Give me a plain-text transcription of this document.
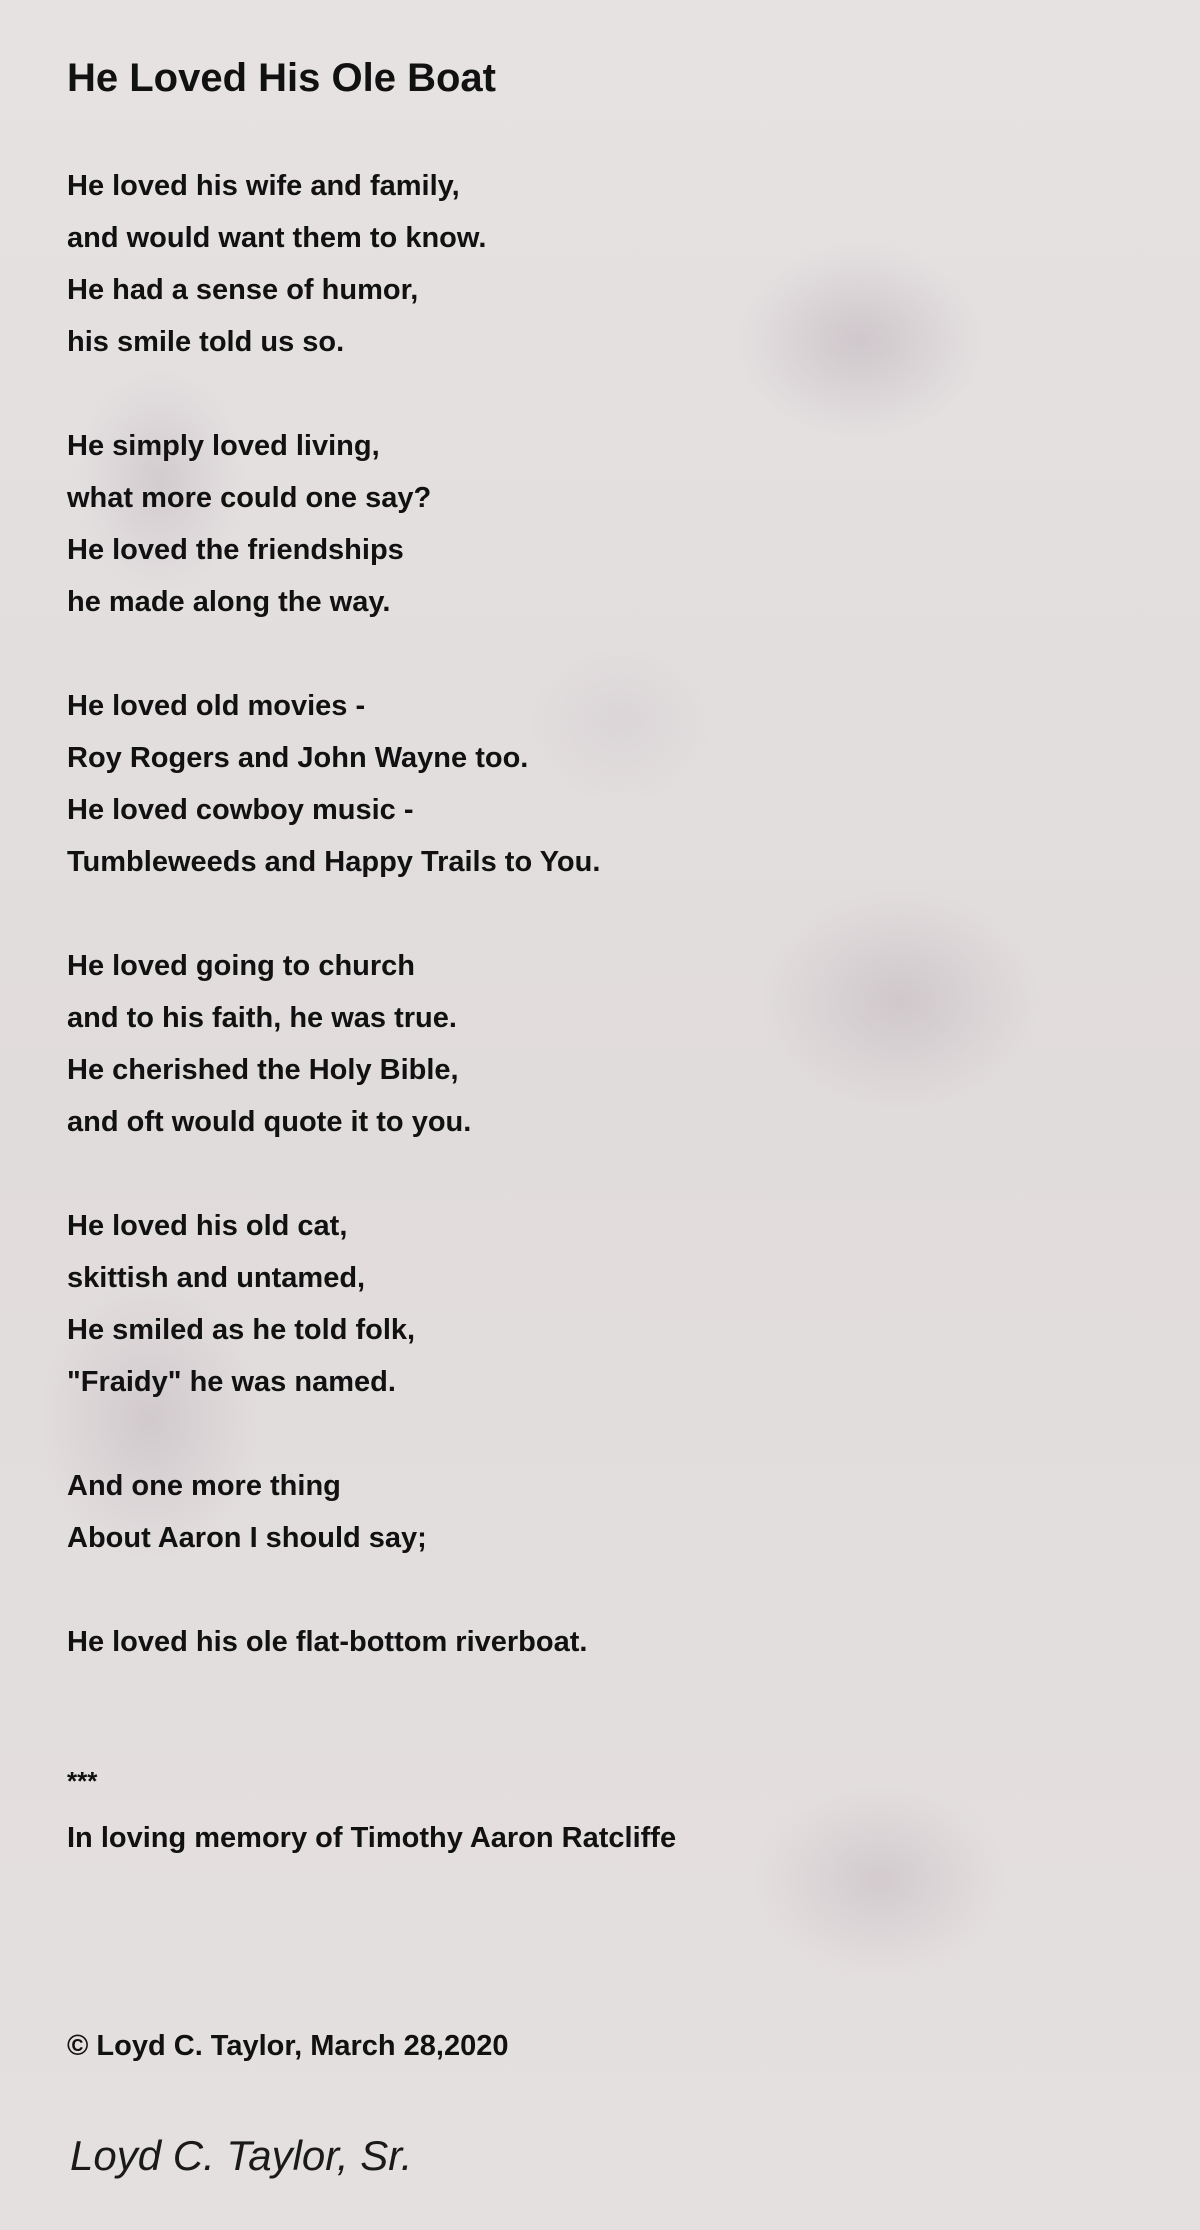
He Loved His Ole Boat
He loved his wife and family,
and would want them to know.
He had a sense of humor,
his smile told us so.
He simply loved living,
what more could one say?
He loved the friendships
he made along the way.
He loved old movies -
Roy Rogers and John Wayne too.
He loved cowboy music -
Tumbleweeds and Happy Trails to You.
He loved going to church
and to his faith, he was true.
He cherished the Holy Bible,
and oft would quote it to you.
He loved his old cat,
skittish and untamed,
He smiled as he told folk,
"Fraidy" he was named.
And one more thing
About Aaron I should say;
He loved his ole flat-bottom riverboat.
***
In loving memory of Timothy Aaron Ratcliffe
© Loyd C. Taylor, March 28,2020
Loyd C. Taylor, Sr.
